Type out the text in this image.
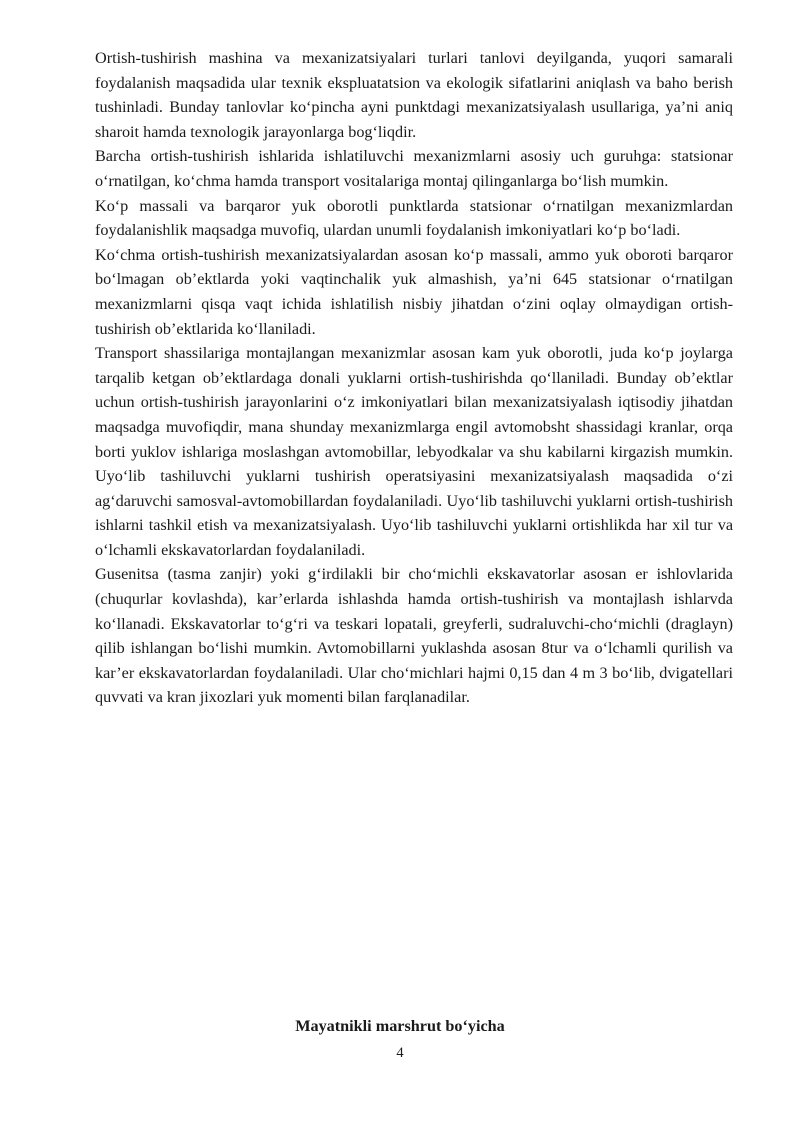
Ortish-tushirish mashina va mexanizatsiyalari turlari tanlovi deyilganda, yuqori samarali foydalanish maqsadida ular texnik ekspluatatsion va ekologik sifatlarini aniqlash va baho berish tushinladi. Bunday tanlovlar ko‘pincha ayni punktdagi mexanizatsiyalash usullariga, ya’ni aniq sharoit hamda texnologik jarayonlarga bog‘liqdir.

Barcha ortish-tushirish ishlarida ishlatiluvchi mexanizmlarni asosiy uch guruhga: statsionar o‘rnatilgan, ko‘chma hamda transport vositalariga montaj qilinganlarga bo‘lish mumkin.

Ko‘p massali va barqaror yuk oborotli punktlarda statsionar o‘rnatilgan mexanizmlardan foydalanishlik maqsadga muvofiq, ulardan unumli foydalanish imkoniyatlari ko‘p bo‘ladi.

Ko‘chma ortish-tushirish mexanizatsiyalardan asosan ko‘p massali, ammo yuk oboroti barqaror bo‘lmagan ob’ektlarda yoki vaqtinchalik yuk almashish, ya’ni 645 statsionar o‘rnatilgan mexanizmlarni qisqa vaqt ichida ishlatilish nisbiy jihatdan o‘zini oqlay olmaydigan ortish-tushirish ob’ektlarida ko‘llaniladi.

Transport shassilariga montajlangan mexanizmlar asosan kam yuk oborotli, juda ko‘p joylarga tarqalib ketgan ob’ektlardaga donali yuklarni ortish-tushirishda qo‘llaniladi. Bunday ob’ektlar uchun ortish-tushirish jarayonlarini o‘z imkoniyatlari bilan mexanizatsiyalash iqtisodiy jihatdan maqsadga muvofiqdir, mana shunday mexanizmlarga engil avtomobsht shassidagi kranlar, orqa borti yuklov ishlariga moslashgan avtomobillar, lebyodkalar va shu kabilarni kirgazish mumkin. Uyo‘lib tashiluvchi yuklarni tushirish operatsiyasini mexanizatsiyalash maqsadida o‘zi ag‘daruvchi samosval-avtomobillardan foydalaniladi. Uyo‘lib tashiluvchi yuklarni ortish-tushirish ishlarni tashkil etish va mexanizatsiyalash. Uyo‘lib tashiluvchi yuklarni ortishlikda har xil tur va o‘lchamli ekskavatorlardan foydalaniladi.

Gusenitsa (tasma zanjir) yoki g‘irdilakli bir cho‘michli ekskavatorlar asosan er ishlovlarida (chuqurlar kovlashda), kar’erlarda ishlashda hamda ortish-tushirish va montajlash ishlarvda ko‘llanadi. Ekskavatorlar to‘g‘ri va teskari lopatali, greyferli, sudraluvchi-cho‘michli (draglayn) qilib ishlangan bo‘lishi mumkin. Avtomobillarni yuklashda asosan 8tur va o‘lchamli qurilish va kar’er ekskavatorlardan foydalaniladi. Ular cho‘michlari hajmi 0,15 dan 4 m 3 bo‘lib, dvigatellari quvvati va kran jixozlari yuk momenti bilan farqlanadilar.

Mayatnikli marshrut bo‘yicha

4
